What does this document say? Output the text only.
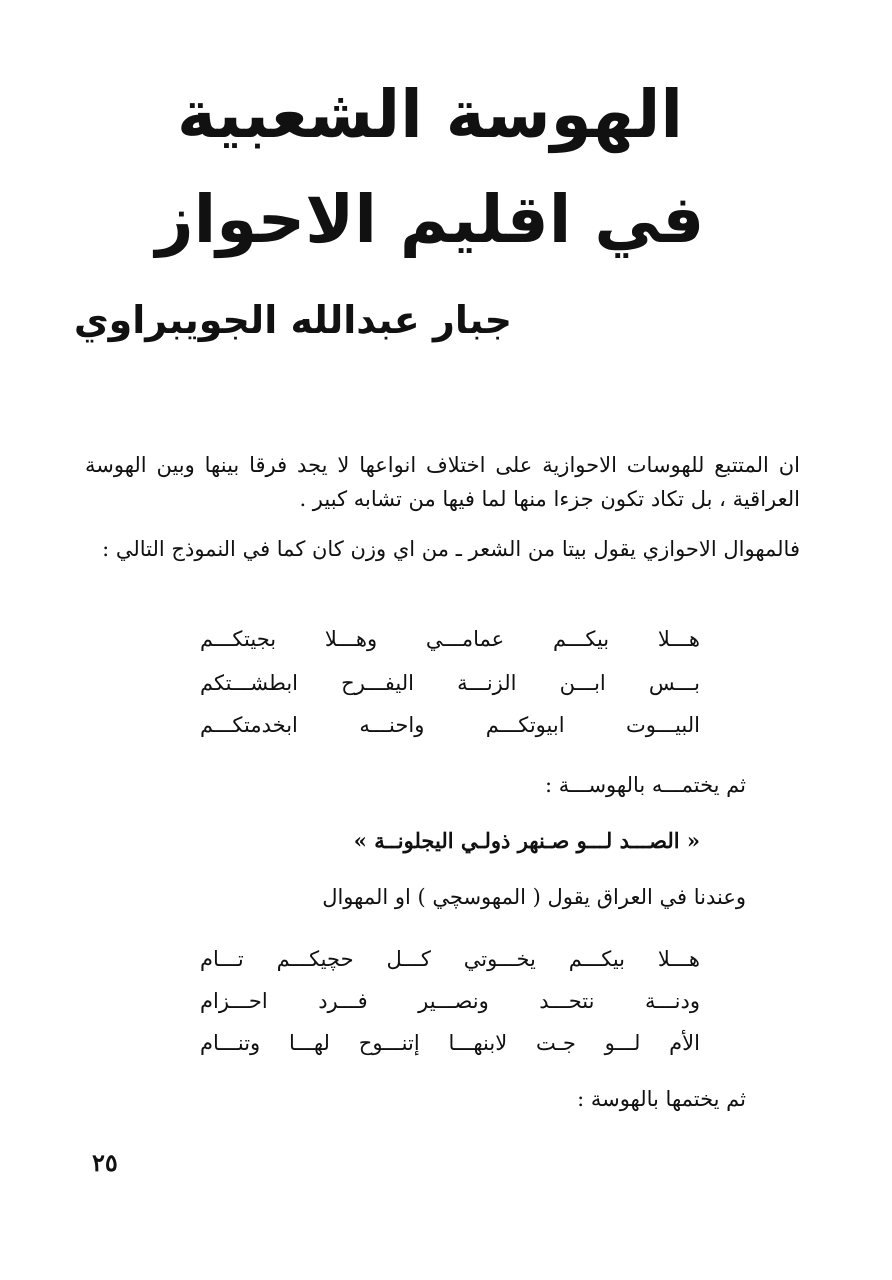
الهوسة الشعبية
في اقليم الاحواز
جبار عبدالله الجويبراوي

ان المتتبع للهوسات الاحوازية على اختلاف انواعها لا يجد فرقا بينها وبين الهوسة العراقية ، بل تكاد تكون جزءا منها لما فيها من تشابه كبير .

فالمهوال الاحوازي يقول بيتا من الشعر ـ من اي وزن كان كما في النموذج التالي :

هـــلا بيكـــم عمامـــي وهـــلا بجيتكـــم
بـــس ابـــن الزنـــة اليفـــرح ابطشـــتكم
البيـــوت ابيوتكـــم واحنـــه ابخدمتكـــم

ثم يختمـــه بالهوســـة :

« الصـــد لـــو صـنهر ذولـي اليجلونــة »

وعندنا في العراق يقول ( المهوسچي ) او المهوال

هـــلا بيكـــم يخـــوتي كـــل حچيكـــم تـــام
ودنـــة نتحـــد ونصـــير فـــرد احـــزام
الأم لـــو جـت لابنهـــا إتنـــوح لهـــا وتنـــام

ثم يختمها بالهوسة :

٢٥
